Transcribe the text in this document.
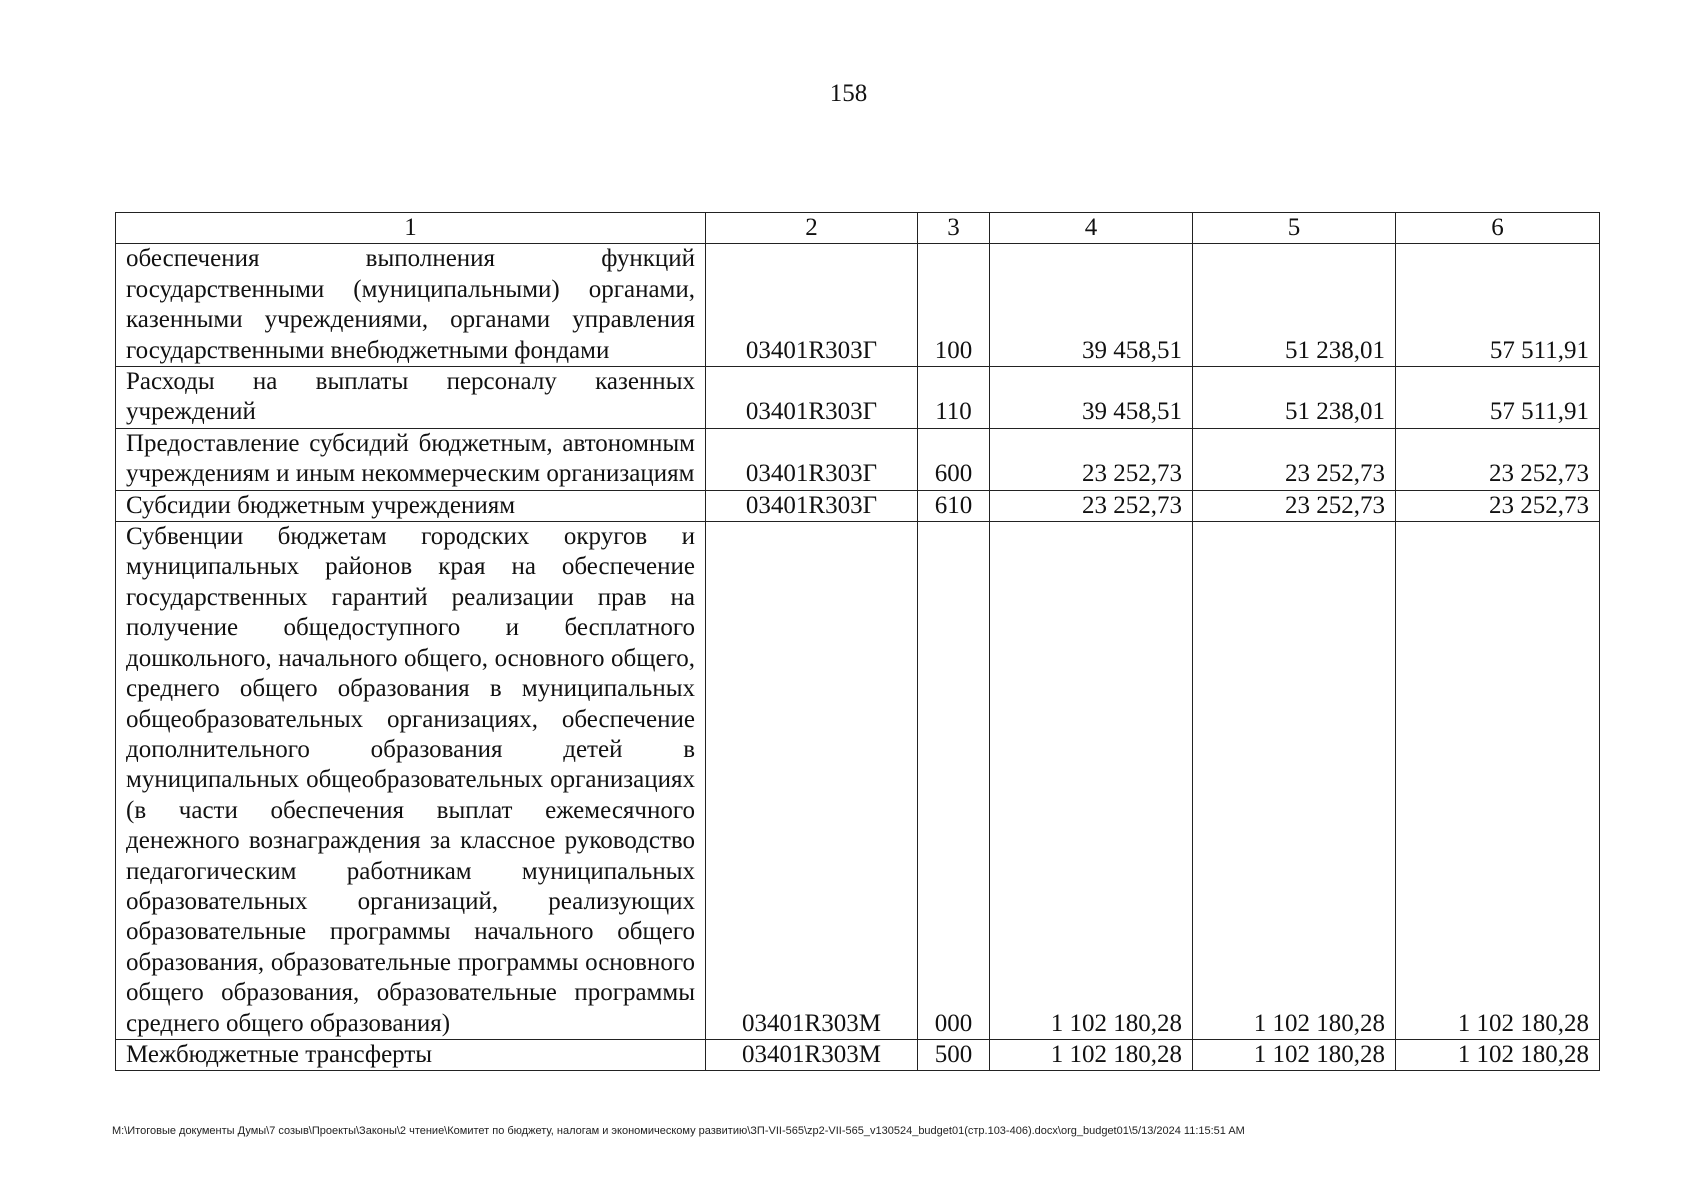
158
1	2	3	4	5	6
обеспечения выполнения функций государственными (муниципальными) органами, казенными учреждениями, органами управления государственными внебюджетными фондами	03401R303Г	100	39 458,51	51 238,01	57 511,91
Расходы на выплаты персоналу казенных учреждений	03401R303Г	110	39 458,51	51 238,01	57 511,91
Предоставление субсидий бюджетным, автономным учреждениям и иным некоммерческим организациям	03401R303Г	600	23 252,73	23 252,73	23 252,73
Субсидии бюджетным учреждениям	03401R303Г	610	23 252,73	23 252,73	23 252,73
Субвенции бюджетам городских округов и муниципальных районов края на обеспечение государственных гарантий реализации прав на получение общедоступного и бесплатного дошкольного, начального общего, основного общего, среднего общего образования в муниципальных общеобразовательных организациях, обеспечение дополнительного образования детей в муниципальных общеобразовательных организациях (в части обеспечения выплат ежемесячного денежного вознаграждения за классное руководство педагогическим работникам муниципальных образовательных организаций, реализующих образовательные программы начального общего образования, образовательные программы основного общего образования, образовательные программы среднего общего образования)	03401R303М	000	1 102 180,28	1 102 180,28	1 102 180,28
Межбюджетные трансферты	03401R303М	500	1 102 180,28	1 102 180,28	1 102 180,28
M:\Итоговые документы Думы\7 созыв\Проекты\Законы\2 чтение\Комитет по бюджету, налогам и экономическому развитию\ЗП-VII-565\zp2-VII-565_v130524_budget01(стр.103-406).docx\org_budget01\5/13/2024 11:15:51 AM
